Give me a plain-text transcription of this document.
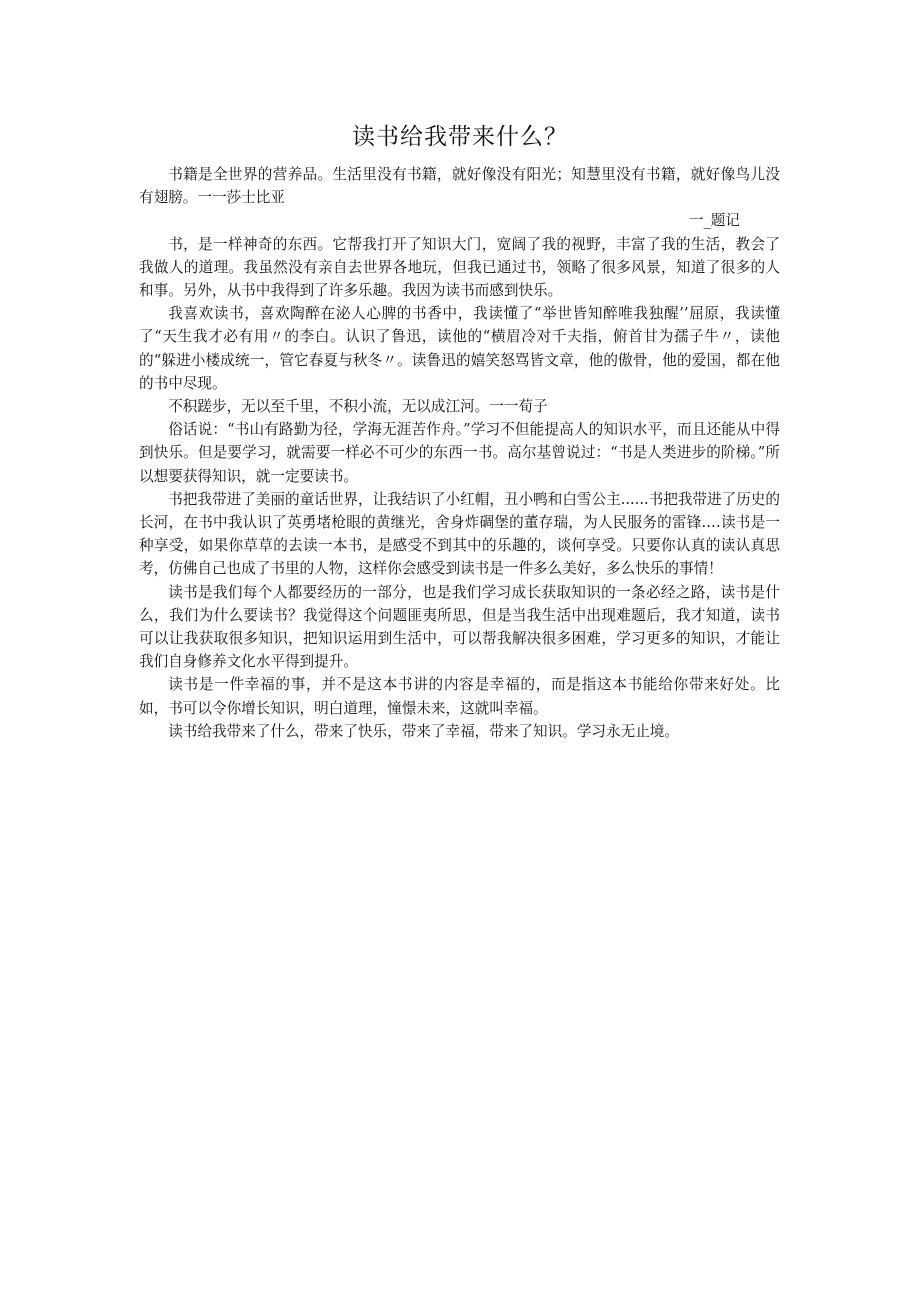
读书给我带来什么？

书籍是全世界的营养品。生活里没有书籍，就好像没有阳光；知慧里没有书籍，就好像鸟儿没有翅膀。一一莎士比亚

一_题记

书，是一样神奇的东西。它帮我打开了知识大门，宽阔了我的视野，丰富了我的生活，教会了我做人的道理。我虽然没有亲自去世界各地玩，但我已通过书，领略了很多风景，知道了很多的人和事。另外，从书中我得到了许多乐趣。我因为读书而感到快乐。

我喜欢读书，喜欢陶醉在泌人心脾的书香中，我读懂了“举世皆知醉唯我独醒’’屈原，我读懂了“天生我才必有用〃的李白。认识了鲁迅，读他的“横眉冷对千夫指，俯首甘为孺子牛〃，读他的“躲进小楼成统一，管它春夏与秋冬〃。读鲁迅的嬉笑怒骂皆文章，他的傲骨，他的爱国，都在他的书中尽现。

不积蹉步，无以至千里，不积小流，无以成江河。一一荀子

俗话说：“书山有路勤为径，学海无涯苦作舟。”学习不但能提高人的知识水平，而且还能从中得到快乐。但是要学习，就需要一样必不可少的东西一书。高尔基曾说过：“书是人类进步的阶梯。”所以想要获得知识，就一定要读书。

书把我带进了美丽的童话世界，让我结识了小红帽，丑小鸭和白雪公主......书把我带进了历史的长河，在书中我认识了英勇堵枪眼的黄继光，舍身炸碉堡的董存瑞，为人民服务的雷锋.…读书是一种享受，如果你草草的去读一本书，是感受不到其中的乐趣的，谈何享受。只要你认真的读认真思考，仿佛自己也成了书里的人物，这样你会感受到读书是一件多么美好，多么快乐的事情！

读书是我们每个人都要经历的一部分，也是我们学习成长获取知识的一条必经之路，读书是什么，我们为什么要读书？我觉得这个问题匪夷所思，但是当我生活中出现难题后，我才知道，读书可以让我获取很多知识，把知识运用到生活中，可以帮我解决很多困难，学习更多的知识，才能让我们自身修养文化水平得到提升。

读书是一件幸福的事，并不是这本书讲的内容是幸福的，而是指这本书能给你带来好处。比如，书可以令你增长知识，明白道理，憧憬未来，这就叫幸福。

读书给我带来了什么，带来了快乐，带来了幸福，带来了知识。学习永无止境。
